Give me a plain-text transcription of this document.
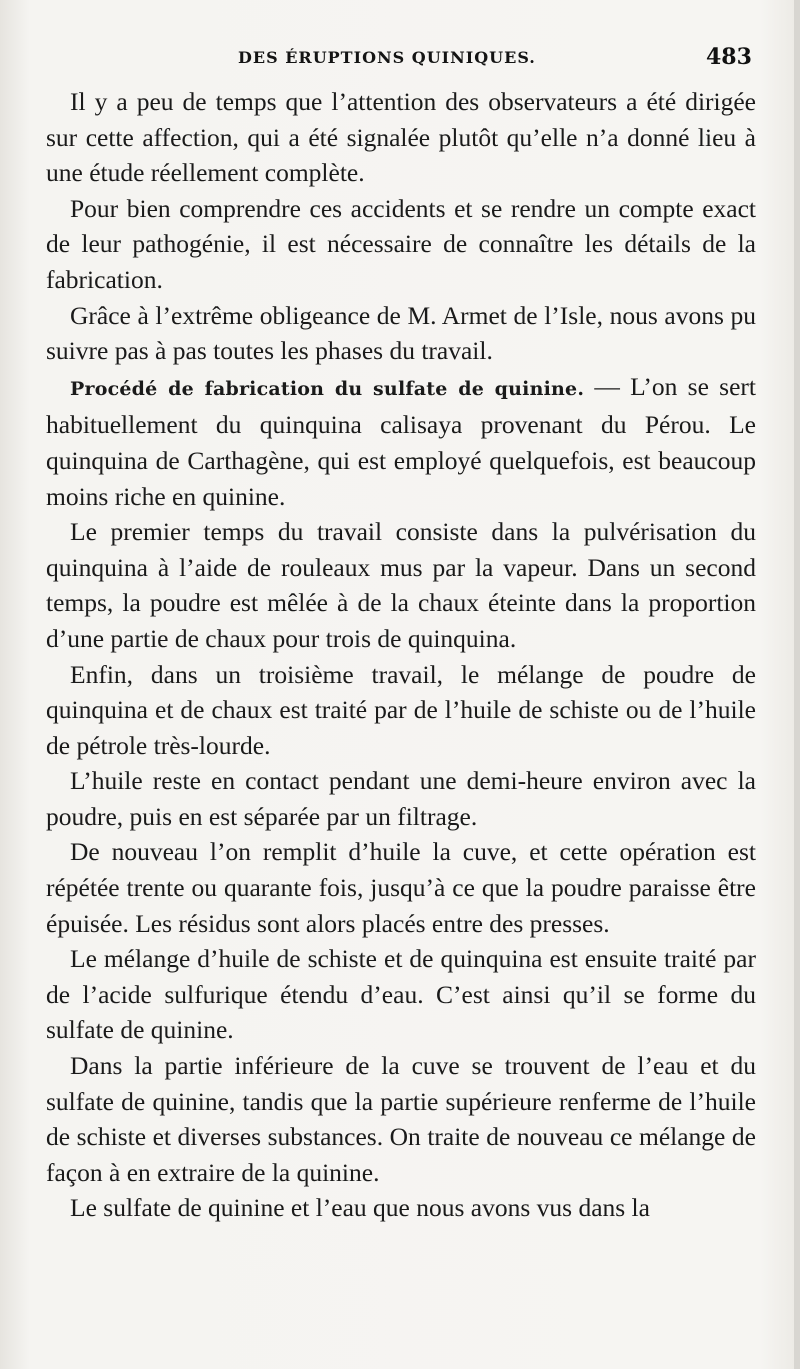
DES ÉRUPTIONS QUINIQUES.	483

Il y a peu de temps que l’attention des observateurs a été dirigée sur cette affection, qui a été signalée plutôt qu’elle n’a donné lieu à une étude réellement complète.

Pour bien comprendre ces accidents et se rendre un compte exact de leur pathogénie, il est nécessaire de connaître les détails de la fabrication.

Grâce à l’extrême obligeance de M. Armet de l’Isle, nous avons pu suivre pas à pas toutes les phases du travail.

Procédé de fabrication du sulfate de quinine. — L’on se sert habituellement du quinquina calisaya provenant du Pérou. Le quinquina de Carthagène, qui est employé quelquefois, est beaucoup moins riche en quinine.

Le premier temps du travail consiste dans la pulvérisation du quinquina à l’aide de rouleaux mus par la vapeur. Dans un second temps, la poudre est mêlée à de la chaux éteinte dans la proportion d’une partie de chaux pour trois de quinquina.

Enfin, dans un troisième travail, le mélange de poudre de quinquina et de chaux est traité par de l’huile de schiste ou de l’huile de pétrole très-lourde.

L’huile reste en contact pendant une demi-heure environ avec la poudre, puis en est séparée par un filtrage.

De nouveau l’on remplit d’huile la cuve, et cette opération est répétée trente ou quarante fois, jusqu’à ce que la poudre paraisse être épuisée. Les résidus sont alors placés entre des presses.

Le mélange d’huile de schiste et de quinquina est ensuite traité par de l’acide sulfurique étendu d’eau. C’est ainsi qu’il se forme du sulfate de quinine.

Dans la partie inférieure de la cuve se trouvent de l’eau et du sulfate de quinine, tandis que la partie supérieure renferme de l’huile de schiste et diverses substances. On traite de nouveau ce mélange de façon à en extraire de la quinine.

Le sulfate de quinine et l’eau que nous avons vus dans la
